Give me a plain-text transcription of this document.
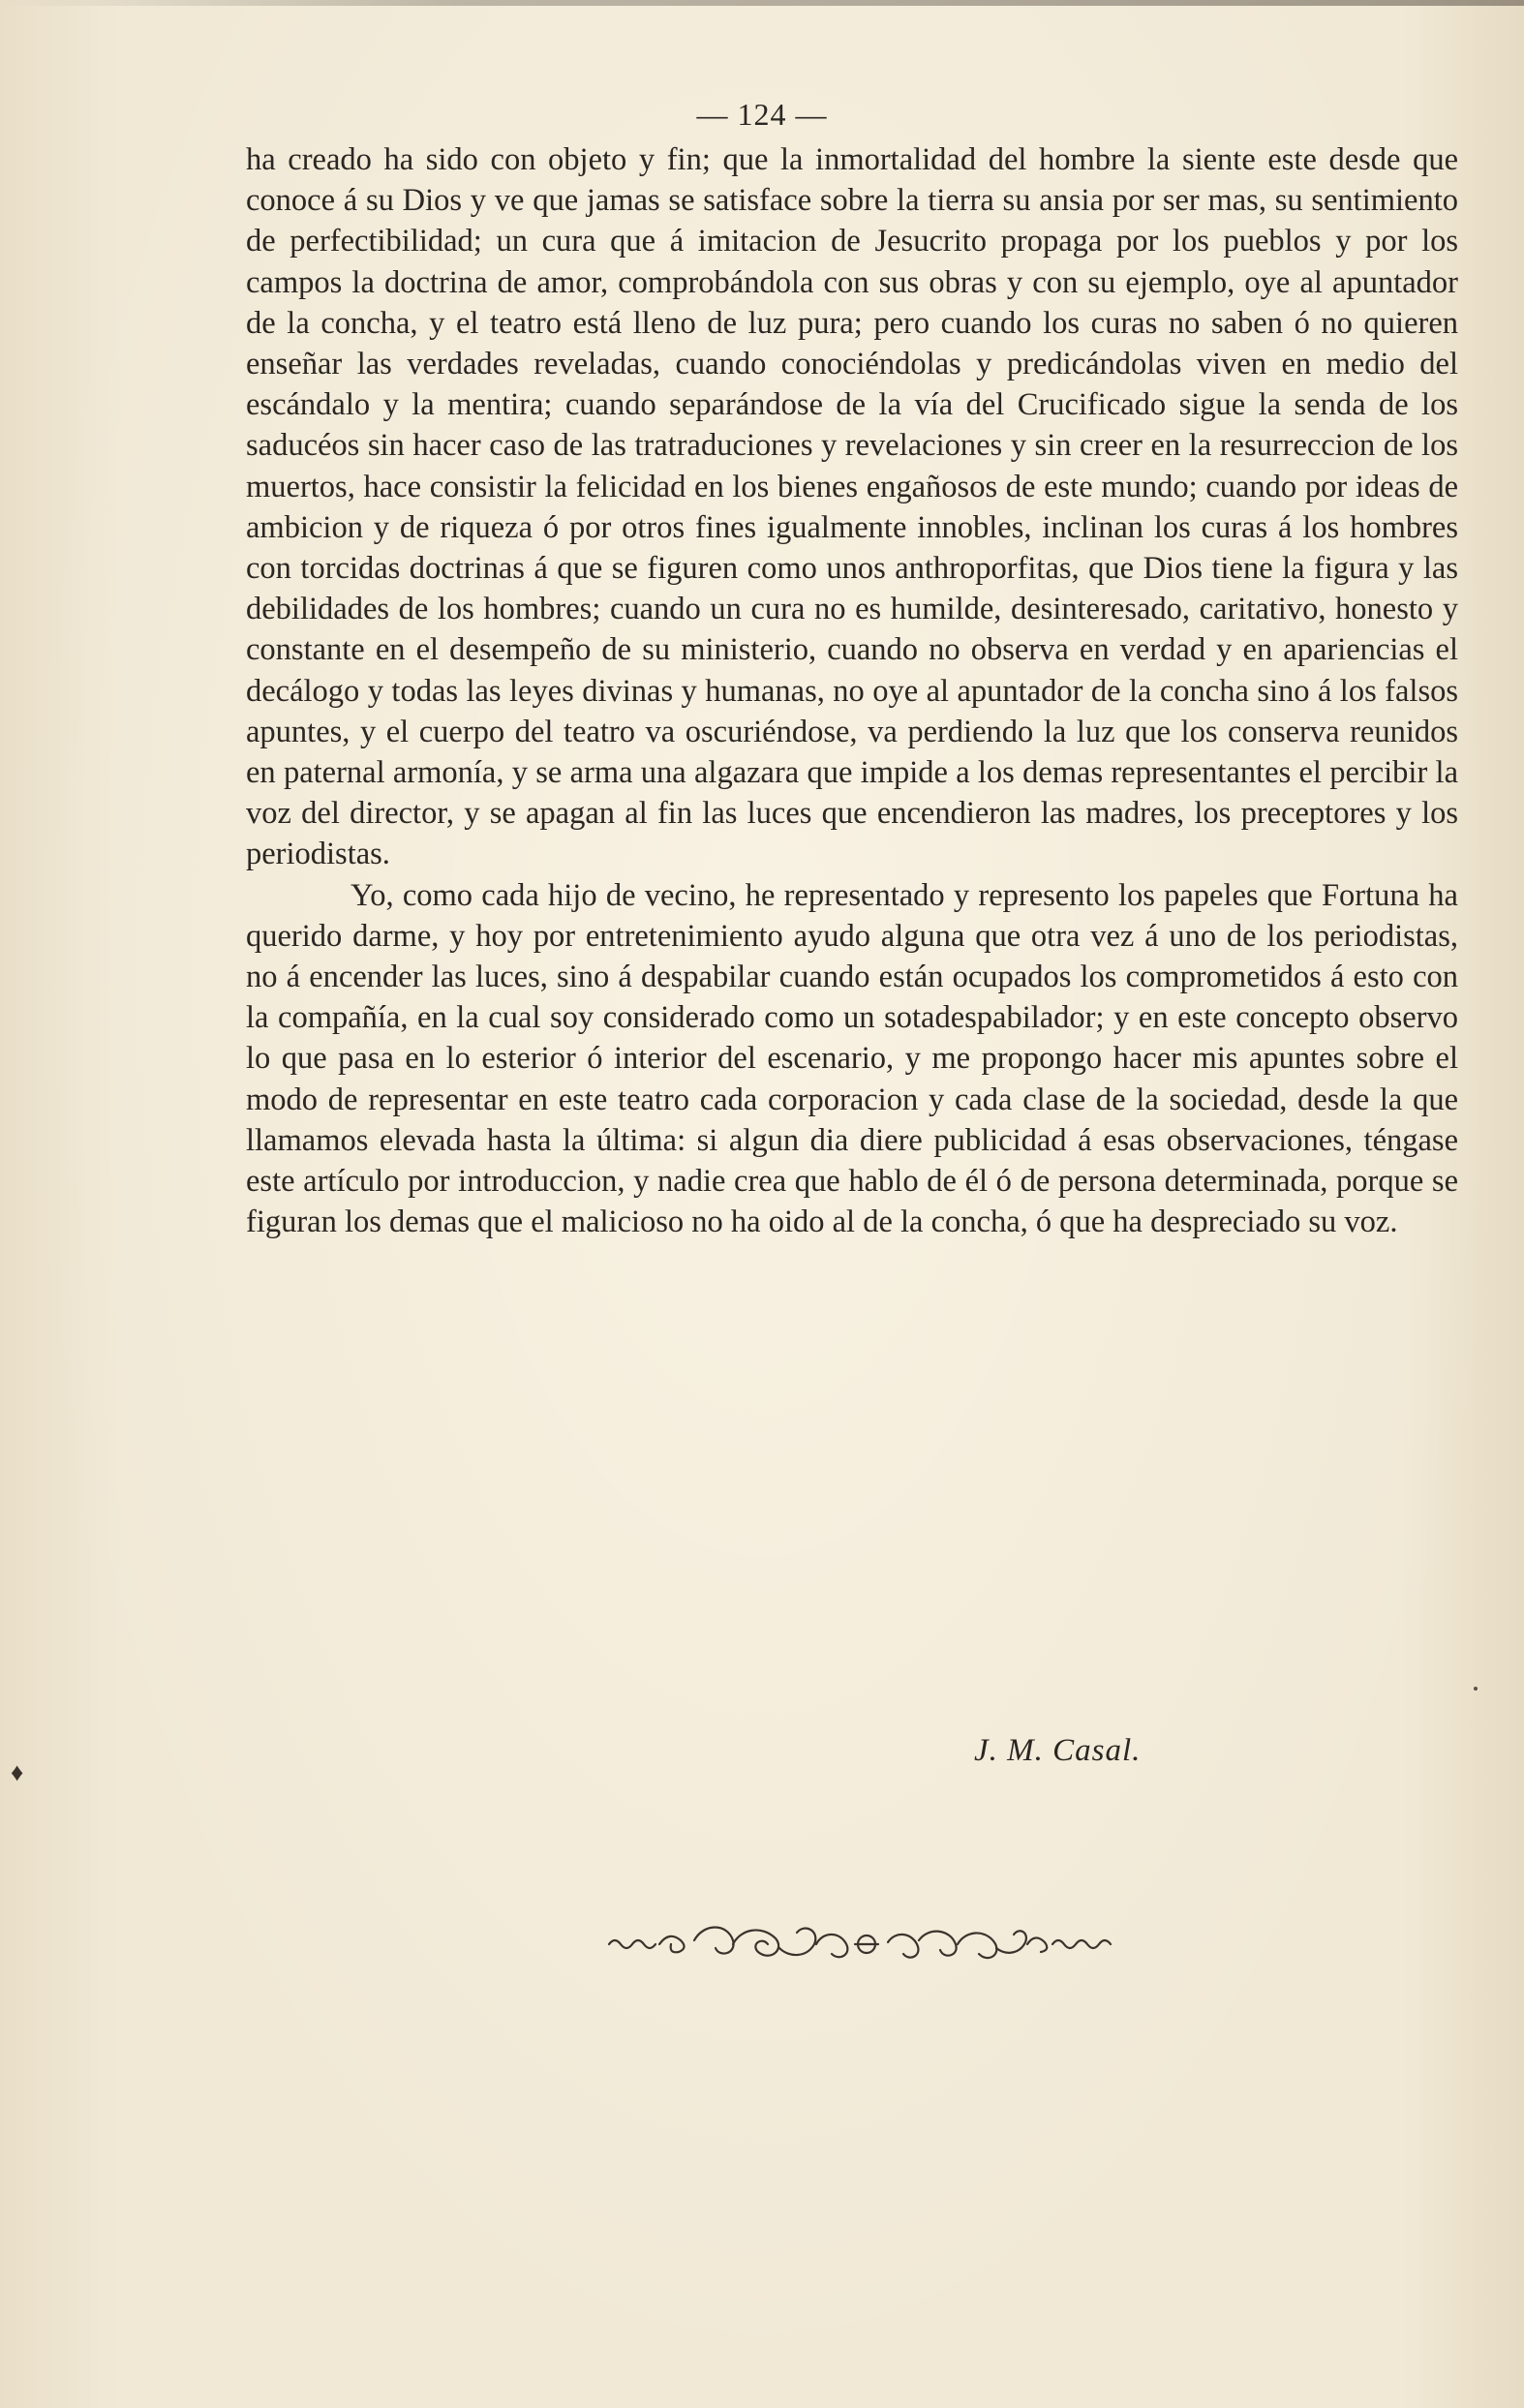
— 124 —

ha creado ha sido con objeto y fin; que la inmortalidad del hombre la siente este desde que conoce á su Dios y ve que jamas se satisface sobre la tierra su ansia por ser mas, su sentimiento de perfectibilidad; un cura que á imitacion de Jesucrito propaga por los pueblos y por los campos la doctrina de amor, comprobándola con sus obras y con su ejemplo, oye al apuntador de la concha, y el teatro está lleno de luz pura; pero cuando los curas no saben ó no quieren enseñar las verdades reveladas, cuando conociéndolas y predicándolas viven en medio del escándalo y la mentira; cuando separándose de la vía del Crucificado sigue la senda de los saducéos sin hacer caso de las tratraduciones y revelaciones y sin creer en la resurreccion de los muertos, hace consistir la felicidad en los bienes engañosos de este mundo; cuando por ideas de ambicion y de riqueza ó por otros fines igualmente innobles, inclinan los curas á los hombres con torcidas doctrinas á que se figuren como unos anthroporfitas, que Dios tiene la figura y las debilidades de los hombres; cuando un cura no es humilde, desinteresado, caritativo, honesto y constante en el desempeño de su ministerio, cuando no observa en verdad y en apariencias el decálogo y todas las leyes divinas y humanas, no oye al apuntador de la concha sino á los falsos apuntes, y el cuerpo del teatro va oscuriéndose, va perdiendo la luz que los conserva reunidos en paternal armonía, y se arma una algazara que impide a los demas representantes el percibir la voz del director, y se apagan al fin las luces que encendieron las madres, los preceptores y los periodistas.

Yo, como cada hijo de vecino, he representado y represento los papeles que Fortuna ha querido darme, y hoy por entretenimiento ayudo alguna que otra vez á uno de los periodistas, no á encender las luces, sino á despabilar cuando están ocupados los comprometidos á esto con la compañía, en la cual soy considerado como un sotadespabilador; y en este concepto observo lo que pasa en lo esterior ó interior del escenario, y me propongo hacer mis apuntes sobre el modo de representar en este teatro cada corporacion y cada clase de la sociedad, desde la que llamamos elevada hasta la última: si algun dia diere publicidad á esas observaciones, téngase este artículo por introduccion, y nadie crea que hablo de él ó de persona determinada, porque se figuran los demas que el malicioso no ha oido al de la concha, ó que ha despreciado su voz.

J. M. Casal.
♦
